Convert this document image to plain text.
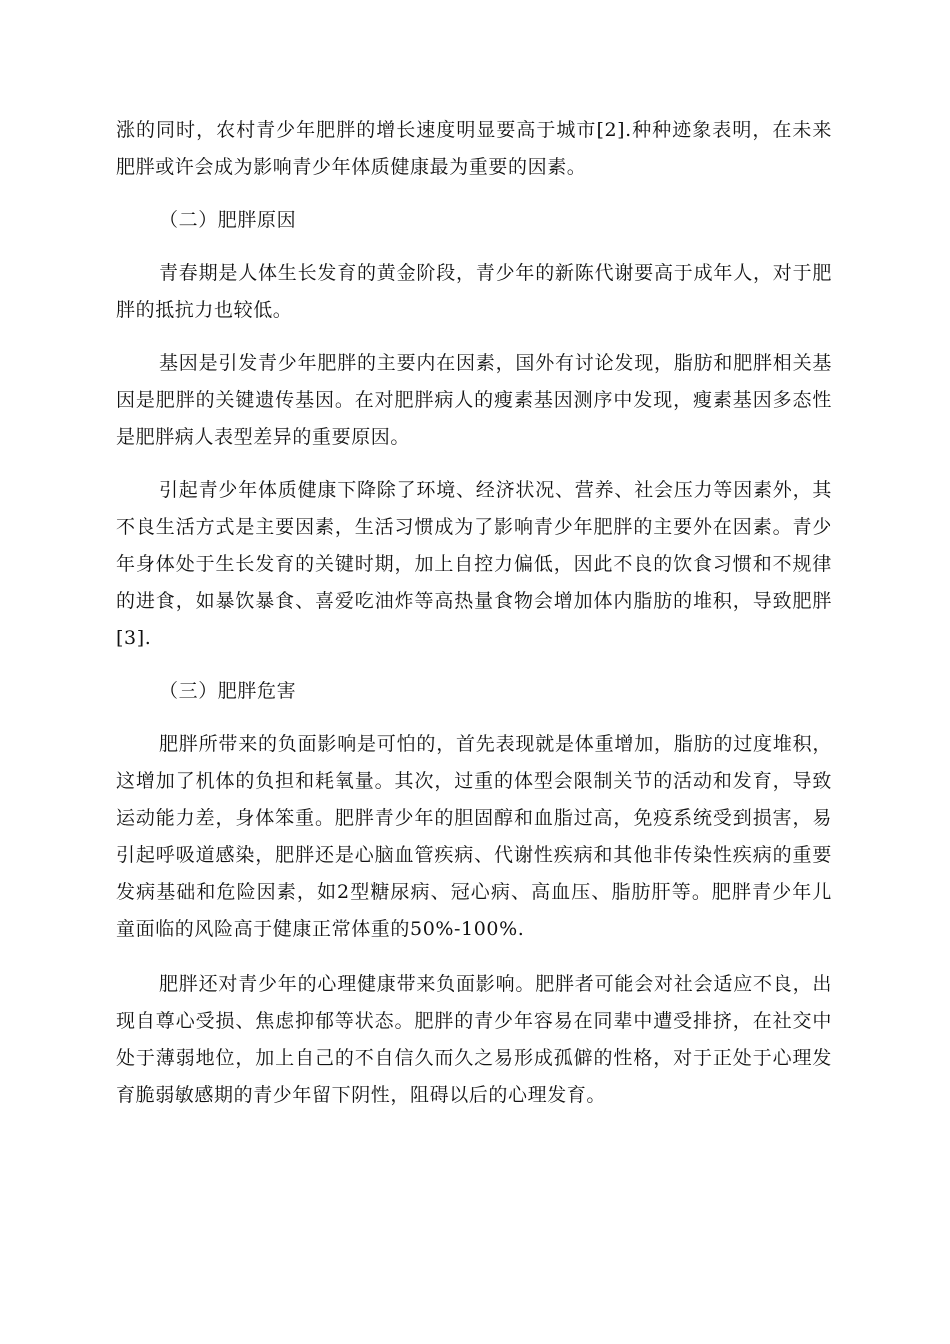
涨的同时，农村青少年肥胖的增长速度明显要高于城市[2].种种迹象表明，在未来肥胖或许会成为影响青少年体质健康最为重要的因素。

（二）肥胖原因

青春期是人体生长发育的黄金阶段，青少年的新陈代谢要高于成年人，对于肥胖的抵抗力也较低。

基因是引发青少年肥胖的主要内在因素，国外有讨论发现，脂肪和肥胖相关基因是肥胖的关键遗传基因。在对肥胖病人的瘦素基因测序中发现，瘦素基因多态性是肥胖病人表型差异的重要原因。

引起青少年体质健康下降除了环境、经济状况、营养、社会压力等因素外，其不良生活方式是主要因素，生活习惯成为了影响青少年肥胖的主要外在因素。青少年身体处于生长发育的关键时期，加上自控力偏低，因此不良的饮食习惯和不规律的进食，如暴饮暴食、喜爱吃油炸等高热量食物会增加体内脂肪的堆积，导致肥胖[3].

（三）肥胖危害

肥胖所带来的负面影响是可怕的，首先表现就是体重增加，脂肪的过度堆积，这增加了机体的负担和耗氧量。其次，过重的体型会限制关节的活动和发育，导致运动能力差，身体笨重。肥胖青少年的胆固醇和血脂过高，免疫系统受到损害，易引起呼吸道感染，肥胖还是心脑血管疾病、代谢性疾病和其他非传染性疾病的重要发病基础和危险因素，如2型糖尿病、冠心病、高血压、脂肪肝等。肥胖青少年儿童面临的风险高于健康正常体重的50%-100%.

肥胖还对青少年的心理健康带来负面影响。肥胖者可能会对社会适应不良，出现自尊心受损、焦虑抑郁等状态。肥胖的青少年容易在同辈中遭受排挤，在社交中处于薄弱地位，加上自己的不自信久而久之易形成孤僻的性格，对于正处于心理发育脆弱敏感期的青少年留下阴性，阻碍以后的心理发育。
